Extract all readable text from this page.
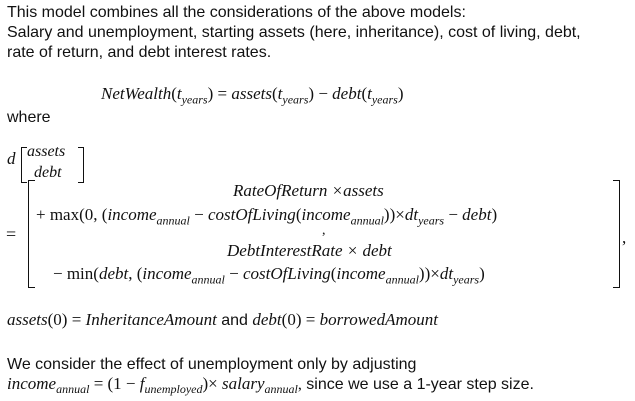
This model combines all the considerations of the above models:
Salary and unemployment, starting assets (here, inheritance), cost of living, debt,
rate of return, and debt interest rates.
$NetWealth(t_{years})$ = $assets(t_{years})$ − $debt(t_{years})$
where
d assets
debt
=	,
RateOfReturn ×assets
+ max(0, (income$_{annual}$ − $costOfLiving(income_{annual}))\times dt_{years}$ − debt)
,
DebtInterestRate × debt
− min(debt, (income$_{annual}$ − $costOfLiving(income_{annual}))\times dt_{years}$)
assets(0) = InheritanceAmount and debt(0) = borrowedAmount
We consider the effect of unemployment only by adjusting
income$_{annual}$ = $(1 - f_{unemployed})\times$ salary$_{annual}$, since we use a 1-year step size.
